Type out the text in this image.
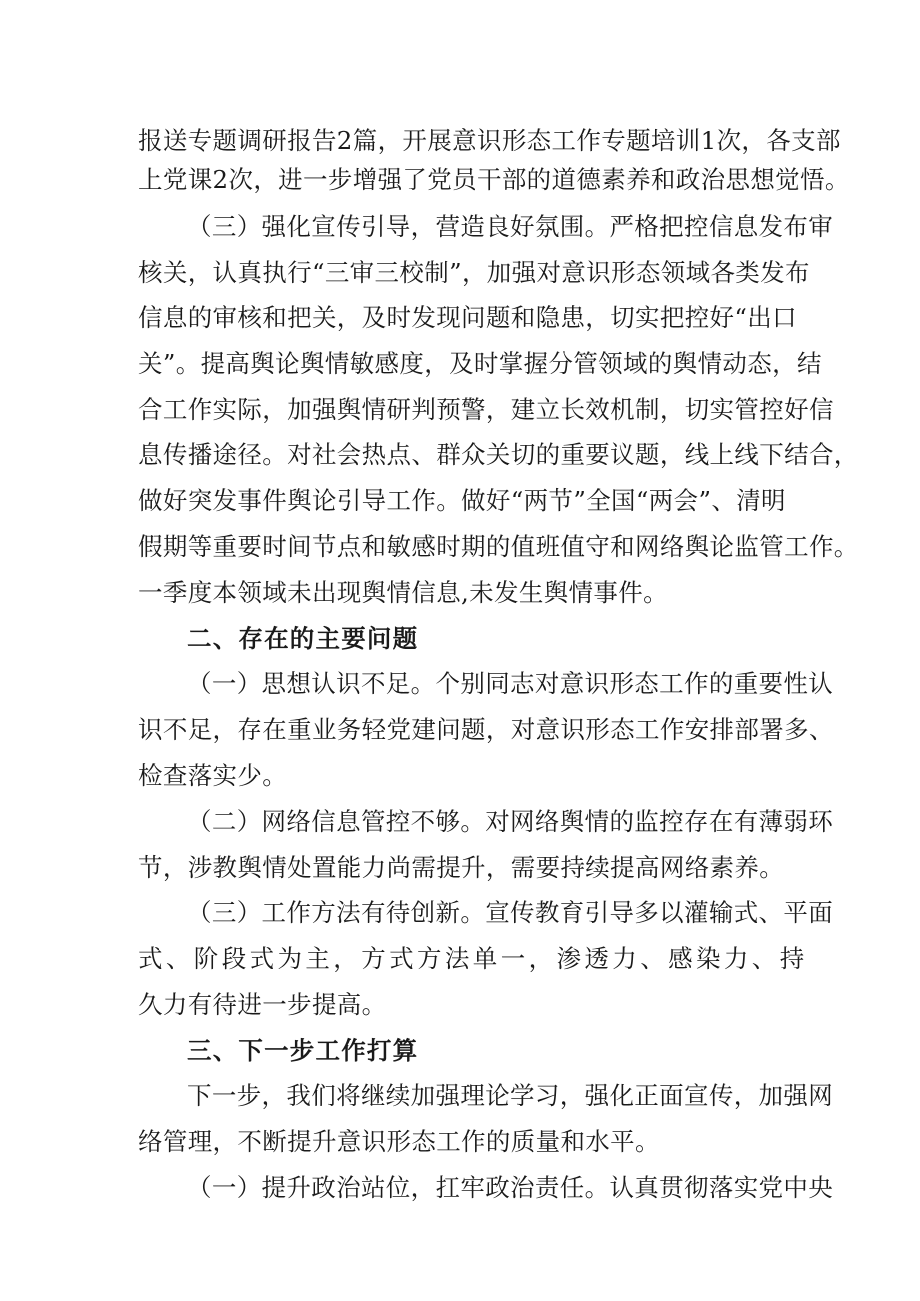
报送专题调研报告2篇，开展意识形态工作专题培训1次，各支部
上党课2次，进一步增强了党员干部的道德素养和政治思想觉悟。
（三）强化宣传引导，营造良好氛围。严格把控信息发布审
核关，认真执行“三审三校制”，加强对意识形态领域各类发布
信息的审核和把关，及时发现问题和隐患，切实把控好“出口
关”。提高舆论舆情敏感度，及时掌握分管领域的舆情动态，结
合工作实际，加强舆情研判预警，建立长效机制，切实管控好信
息传播途径。对社会热点、群众关切的重要议题，线上线下结合，
做好突发事件舆论引导工作。做好“两节”全国“两会”、清明
假期等重要时间节点和敏感时期的值班值守和网络舆论监管工作。
一季度本领域未出现舆情信息,未发生舆情事件。
二、存在的主要问题
（一）思想认识不足。个别同志对意识形态工作的重要性认
识不足，存在重业务轻党建问题，对意识形态工作安排部署多、
检查落实少。
（二）网络信息管控不够。对网络舆情的监控存在有薄弱环
节，涉教舆情处置能力尚需提升，需要持续提高网络素养。
（三）工作方法有待创新。宣传教育引导多以灌输式、平面
式、阶段式为主，方式方法单一，渗透力、感染力、持
久力有待进一步提高。
三、下一步工作打算
下一步，我们将继续加强理论学习，强化正面宣传，加强网
络管理，不断提升意识形态工作的质量和水平。
（一）提升政治站位，扛牢政治责任。认真贯彻落实党中央
